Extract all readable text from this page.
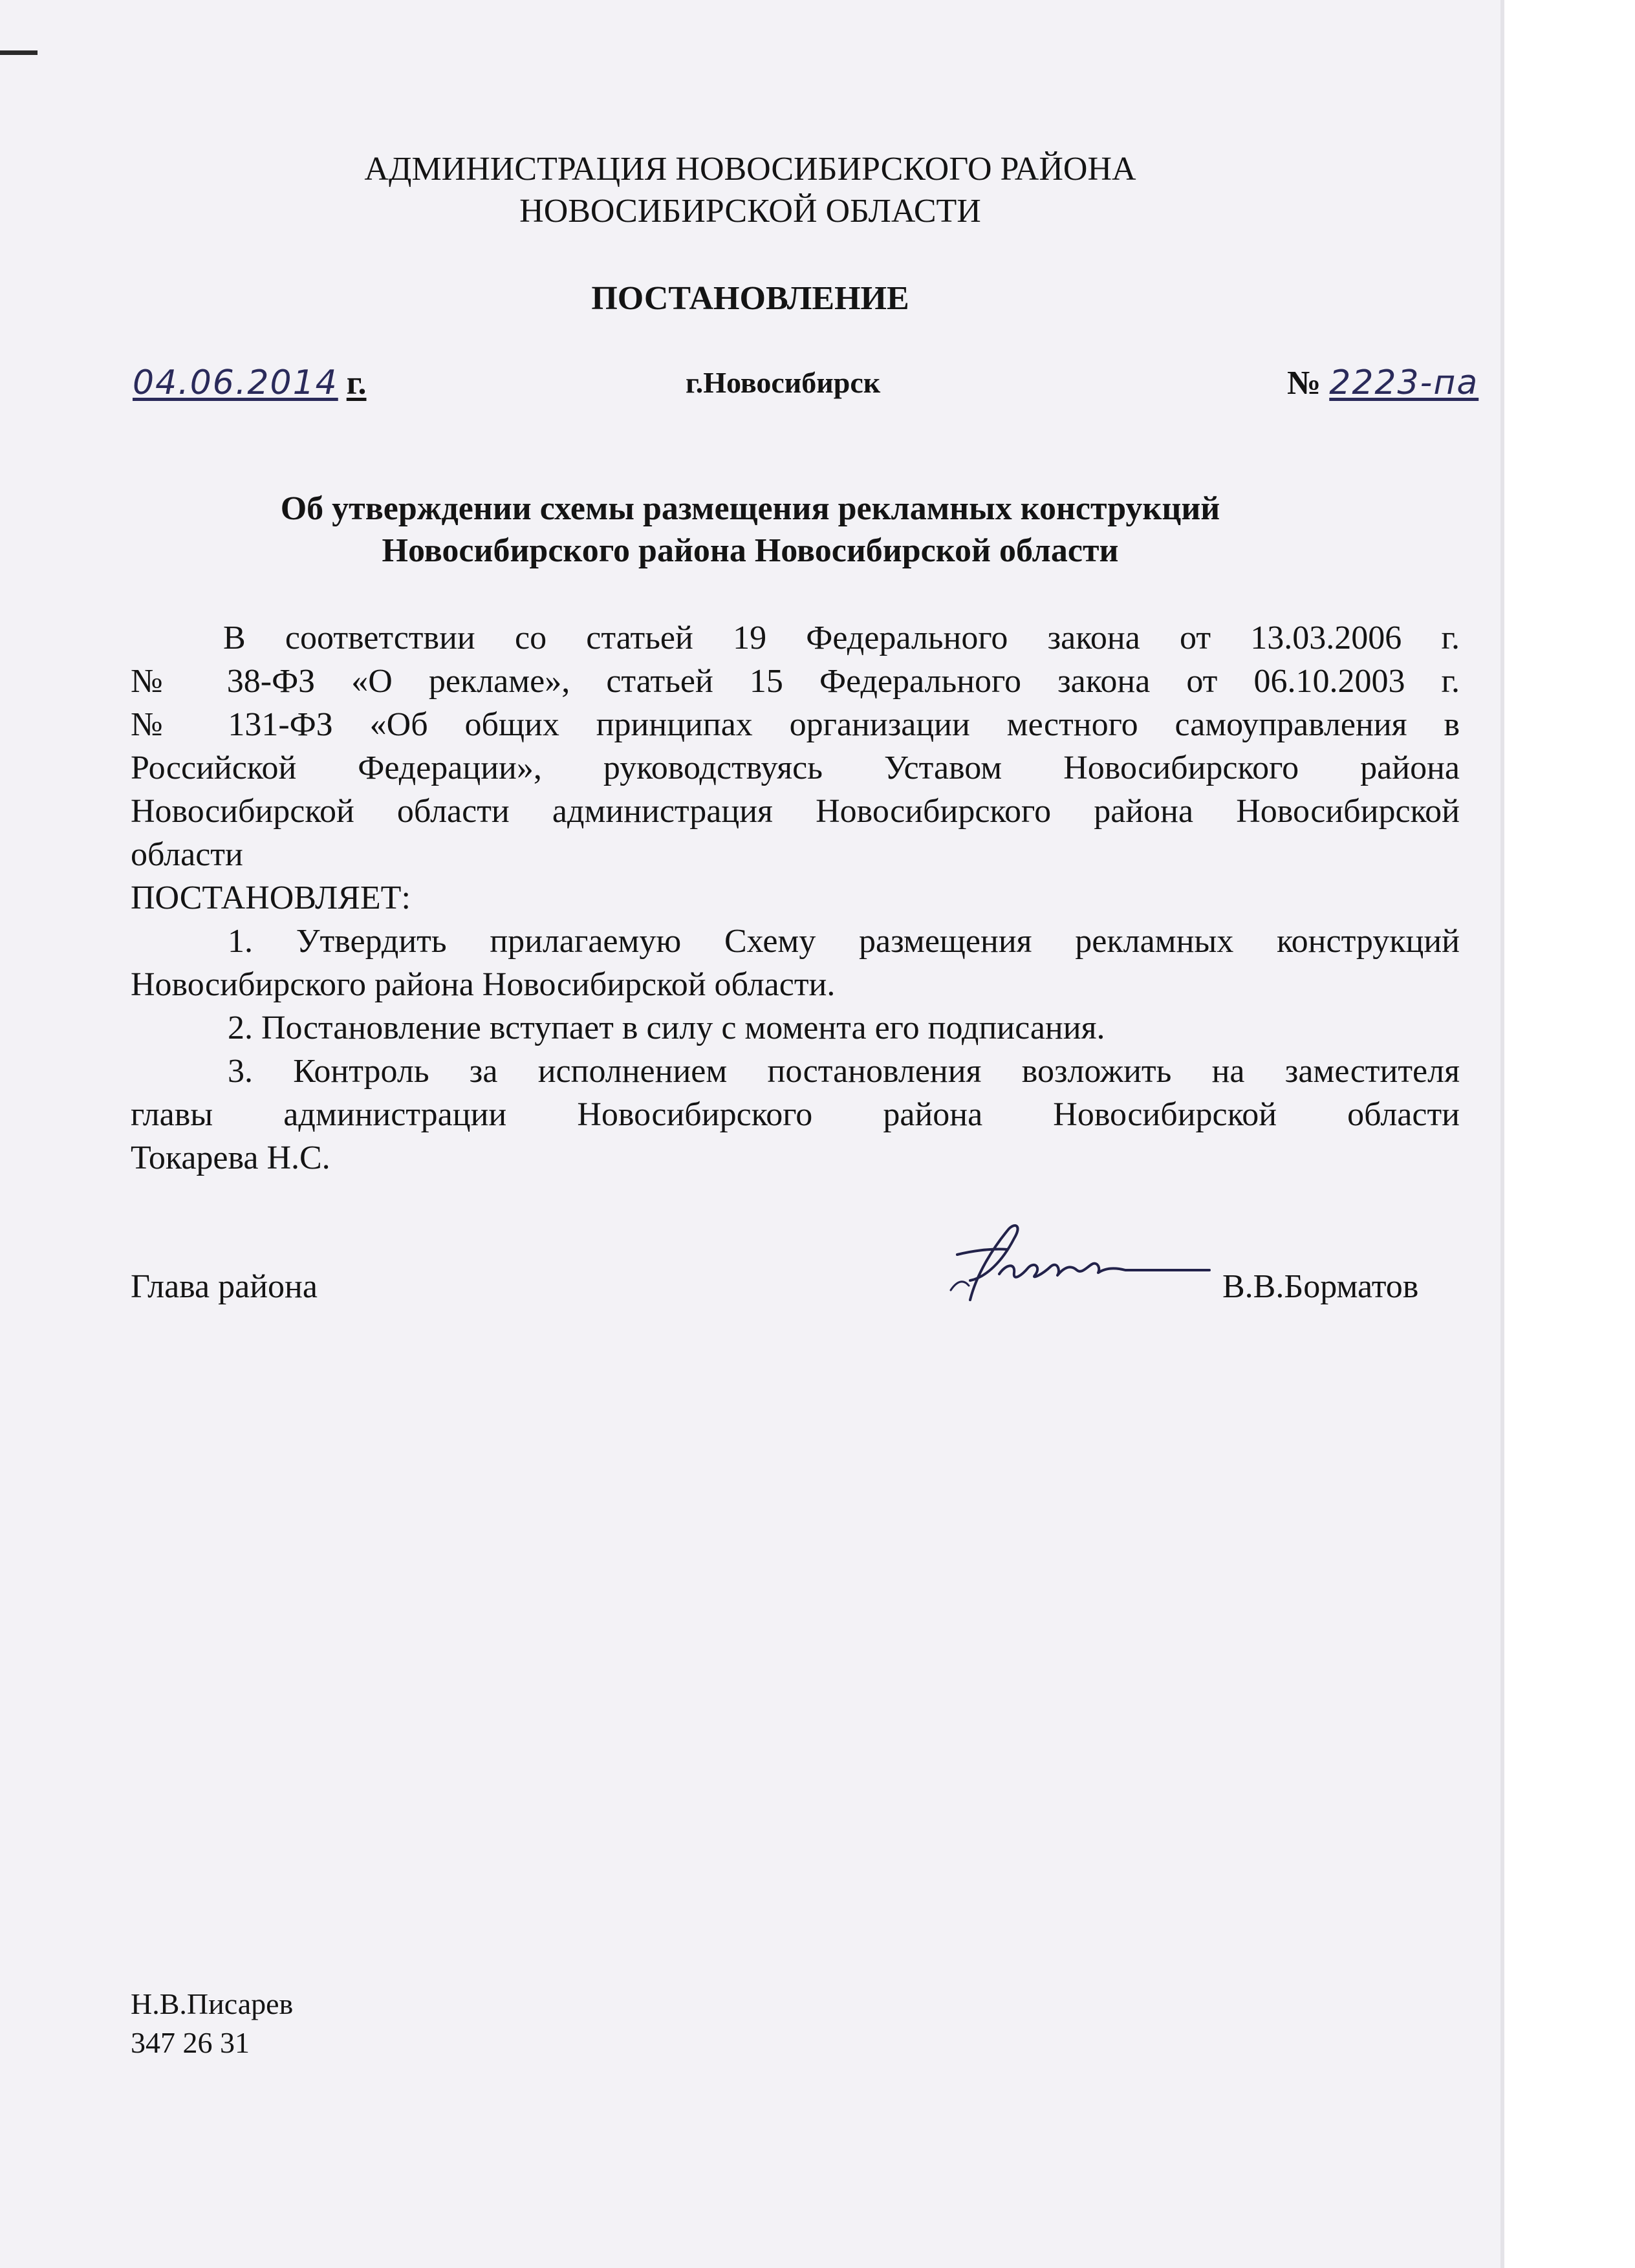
АДМИНИСТРАЦИЯ НОВОСИБИРСКОГО РАЙОНА
НОВОСИБИРСКОЙ ОБЛАСТИ
ПОСТАНОВЛЕНИЕ
04.06.2014 г.	г.Новосибирск	№ 2223-па
Об утверждении схемы размещения рекламных конструкций
Новосибирского района Новосибирской области
В соответствии со статьей 19 Федерального закона от 13.03.2006 г.
№ 38-ФЗ «О рекламе», статьей 15 Федерального закона от 06.10.2003 г.
№ 131-ФЗ «Об общих принципах организации местного самоуправления в
Российской Федерации», руководствуясь Уставом Новосибирского района
Новосибирской области администрация Новосибирского района Новосибирской
области
ПОСТАНОВЛЯЕТ:
1. Утвердить прилагаемую Схему размещения рекламных конструкций
Новосибирского района Новосибирской области.
2. Постановление вступает в силу с момента его подписания.
3. Контроль за исполнением постановления возложить на заместителя
главы администрации Новосибирского района Новосибирской области
Токарева Н.С.
Глава района	В.В.Борматов
Н.В.Писарев
347 26 31
